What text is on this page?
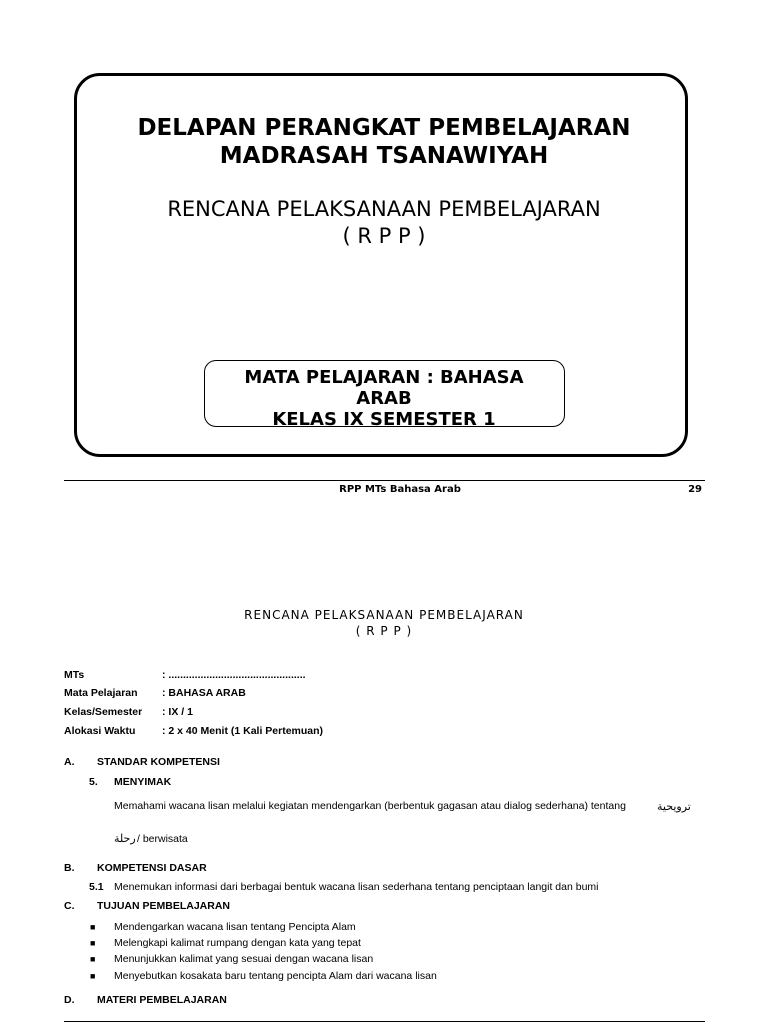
DELAPAN PERANGKAT PEMBELAJARAN
MADRASAH TSANAWIYAH
RENCANA PELAKSANAAN PEMBELAJARAN
( R P P )
MATA PELAJARAN : BAHASA ARAB
KELAS IX SEMESTER 1
RPP MTs Bahasa Arab	29
RENCANA PELAKSANAAN PEMBELAJARAN
( R P P )
MTs	: ...............................................
Mata Pelajaran : BAHASA ARAB
Kelas/Semester : IX / 1
Alokasi Waktu	: 2 x 40 Menit (1 Kali Pertemuan)
A. STANDAR KOMPETENSI
5. MENYIMAK
Memahami wacana lisan melalui kegiatan mendengarkan (berbentuk gagasan atau dialog sederhana) tentang	ترويحية
رحلة / berwisata
B. KOMPETENSI DASAR
5.1 Menemukan informasi dari berbagai bentuk wacana lisan sederhana tentang penciptaan langit dan bumi
C. TUJUAN PEMBELAJARAN
■ Mendengarkan wacana lisan tentang Pencipta Alam
■ Melengkapi kalimat rumpang dengan kata yang tepat
■ Menunjukkan kalimat yang sesuai dengan wacana lisan
■ Menyebutkan kosakata baru tentang pencipta Alam dari wacana lisan
D. MATERI PEMBELAJARAN
